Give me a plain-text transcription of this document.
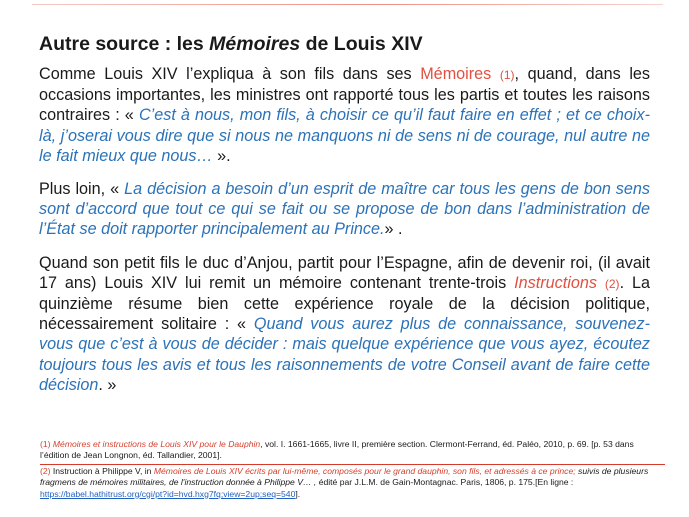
Autre source : les Mémoires de Louis XIV

Comme Louis XIV l’expliqua à son fils dans ses Mémoires (1), quand, dans les occasions importantes, les ministres ont rapporté tous les partis et toutes les raisons contraires : « C’est à nous, mon fils, à choisir ce qu’il faut faire en effet ; et ce choix-là, j’oserai vous dire que si nous ne manquons ni de sens ni de courage, nul autre ne le fait mieux que nous… ».

Plus loin, « La décision a besoin d’un esprit de maître car tous les gens de bon sens sont d’accord que tout ce qui se fait ou se propose de bon dans l’administration de l’État se doit rapporter principalement au Prince.» .

Quand son petit fils le duc d’Anjou, partit pour l’Espagne, afin de devenir roi, (il avait 17 ans) Louis XIV lui remit un mémoire contenant trente-trois Instructions (2). La quinzième résume bien cette expérience royale de la décision politique, nécessairement solitaire : « Quand vous aurez plus de connaissance, souvenez-vous que c’est à vous de décider : mais quelque expérience que vous ayez, écoutez toujours tous les avis et tous les raisonnements de votre Conseil avant de faire cette décision. »

(1) Mémoires et instructions de Louis XIV pour le Dauphin, vol. I. 1661-1665, livre II, première section. Clermont-Ferrand, éd. Paléo, 2010, p. 69. [p. 53 dans l’édition de Jean Longnon, éd. Tallandier, 2001].

(2) Instruction à Philippe V, in Mémoires de Louis XIV écrits par lui-même, composés pour le grand dauphin, son fils, et adressés à ce prince; suivis de plusieurs fragmens de mémoires militaires, de l'instruction donnée à Philippe V… , édité par J.L.M. de Gain-Montagnac. Paris, 1806, p. 175.[En ligne : https://babel.hathitrust.org/cgi/pt?id=hvd.hxg7fq;view=2up;seq=540].
